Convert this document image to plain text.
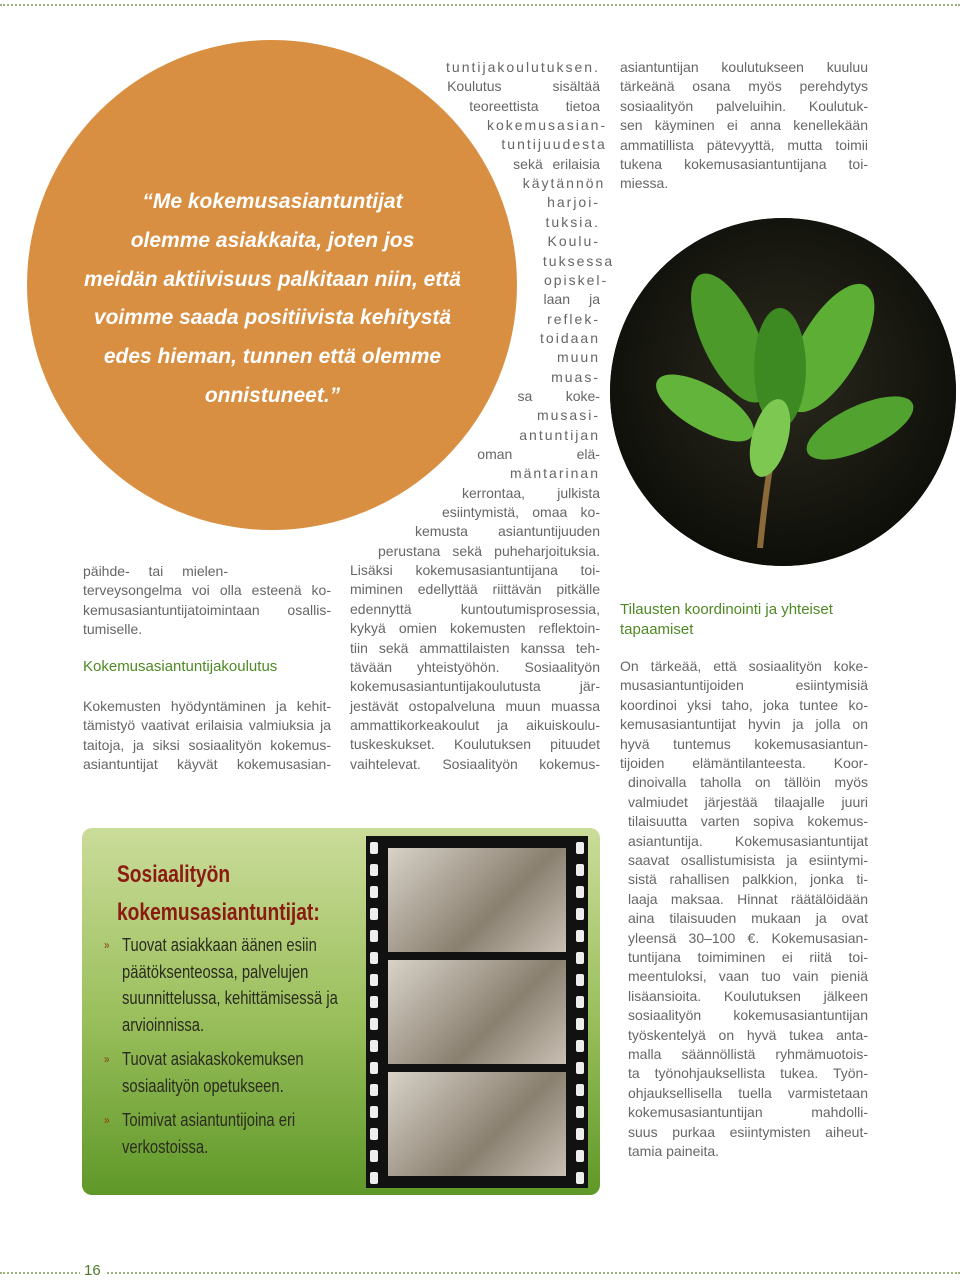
“Me kokemusasiantuntijat
olemme asiakkaita, joten jos
meidän aktiivisuus palkitaan niin, että
voimme saada positiivista kehitystä
edes hieman, tunnen että olemme
onnistuneet.”
päihde- tai mielen-
terveysongelma voi olla esteenä ko-
kemusasiantuntijatoimintaan osallis-
tumiselle.
Kokemusasiantuntijakoulutus
Kokemusten hyödyntäminen ja kehit-
tämistyö vaativat erilaisia valmiuksia ja
taitoja, ja siksi sosiaalityön kokemus-
asiantuntijat käyvät kokemusasian-
tuntijakoulutuksen.
Koulutus sisältää
teoreettista tietoa
kokemusasian-
tuntijuudesta
sekä erilaisia
käytännön
harjoi-
tuksia.
Koulu-
tuksessa
opiskel-
laan ja
reflek-
toidaan
muun
muas-
sa koke-
musasi-
antuntijan
oman elä-
mäntarinan
kerrontaa, julkista
esiintymistä, omaa ko-
kemusta asiantuntijuuden
perustana sekä puheharjoituksia.
Lisäksi kokemusasiantuntijana toi-
miminen edellyttää riittävän pitkälle
edennyttä kuntoutumisprosessia,
kykyä omien kokemusten reflektoin-
tiin sekä ammattilaisten kanssa teh-
tävään yhteistyöhön. Sosiaalityön
kokemusasiantuntijakoulutusta jär-
jestävät ostopalveluna muun muassa
ammattikorkeakoulut ja aikuiskoulu-
tuskeskukset. Koulutuksen pituudet
vaihtelevat. Sosiaalityön kokemus-
asiantuntijan koulutukseen kuuluu
tärkeänä osana myös perehdytys
sosiaalityön palveluihin. Koulutuk-
sen käyminen ei anna kenellekään
ammatillista pätevyyttä, mutta toimii
tukena kokemusasiantuntijana toi-
miessa.
Tilausten koordinointi ja yhteiset
tapaamiset
On tärkeää, että sosiaalityön koke-
musasiantuntijoiden esiintymisiä
koordinoi yksi taho, joka tuntee ko-
kemusasiantuntijat hyvin ja jolla on
hyvä tuntemus kokemusasiantun-
tijoiden elämäntilanteesta. Koor-
dinoivalla taholla on tällöin myös
valmiudet järjestää tilaajalle juuri
tilaisuutta varten sopiva kokemus-
asiantuntija. Kokemusasiantuntijat
saavat osallistumisista ja esiintymi-
sistä rahallisen palkkion, jonka ti-
laaja maksaa. Hinnat räätälöidään
aina tilaisuuden mukaan ja ovat
yleensä 30–100 €. Kokemusasian-
tuntijana toimiminen ei riitä toi-
meentuloksi, vaan tuo vain pieniä
lisäansioita. Koulutuksen jälkeen
sosiaalityön kokemusasiantuntijan
työskentelyä on hyvä tukea anta-
malla säännöllistä ryhmämuotois-
ta työnohjauksellista tukea. Työn-
ohjauksellisella tuella varmistetaan
kokemusasiantuntijan mahdolli-
suus purkaa esiintymisten aiheut-
tamia paineita.
Sosiaalityön
kokemusasiantuntijat:
» Tuovat asiakkaan äänen esiin päätöksenteossa, palvelujen suunnittelussa, kehittämisessä ja arvioinnissa.
» Tuovat asiakaskokemuksen sosiaalityön opetukseen.
» Toimivat asiantuntijoina eri verkostoissa.
16
